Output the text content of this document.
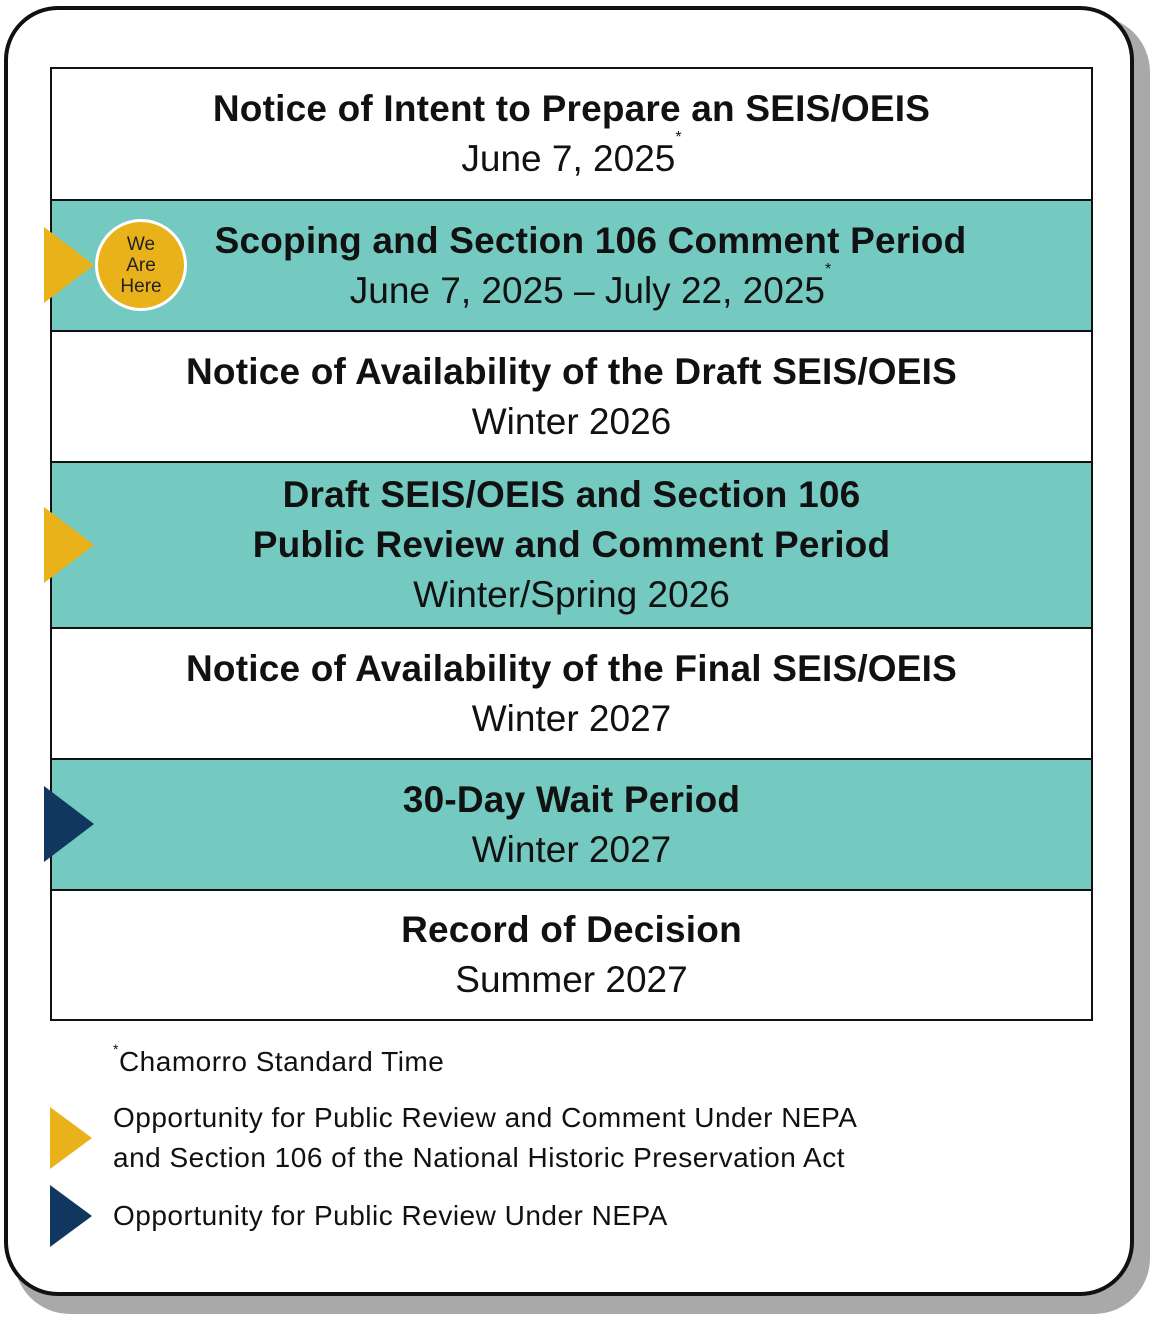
Notice of Intent to Prepare an SEIS/OEIS
June 7, 2025*
Scoping and Section 106 Comment Period
June 7, 2025 – July 22, 2025*
Notice of Availability of the Draft SEIS/OEIS
Winter 2026
Draft SEIS/OEIS and Section 106
Public Review and Comment Period
Winter/Spring 2026
Notice of Availability of the Final SEIS/OEIS
Winter 2027
30-Day Wait Period
Winter 2027
Record of Decision
Summer 2027
We
Are
Here
*Chamorro Standard Time
Opportunity for Public Review and Comment Under NEPA
and Section 106 of the National Historic Preservation Act
Opportunity for Public Review Under NEPA
